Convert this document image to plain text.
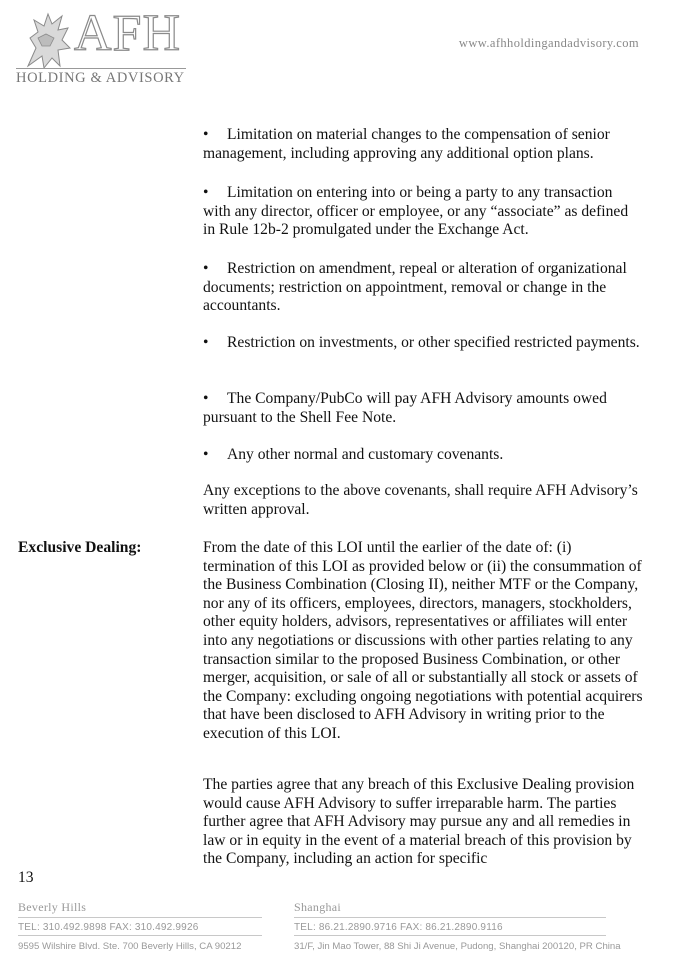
AFH
HOLDING & ADVISORY
www.afhholdingandadvisory.com
• Limitation on material changes to the compensation of senior management, including approving any additional option plans.
• Limitation on entering into or being a party to any transaction with any director, officer or employee, or any “associate” as defined in Rule 12b-2 promulgated under the Exchange Act.
• Restriction on amendment, repeal or alteration of organizational documents; restriction on appointment, removal or change in the accountants.
• Restriction on investments, or other specified restricted payments.
• The Company/PubCo will pay AFH Advisory amounts owed pursuant to the Shell Fee Note.
• Any other normal and customary covenants.
Any exceptions to the above covenants, shall require AFH Advisory’s written approval.
From the date of this LOI until the earlier of the date of: (i) termination of this LOI as provided below or (ii) the consummation of the Business Combination (Closing II), neither MTF or the Company, nor any of its officers, employees, directors, managers, stockholders, other equity holders, advisors, representatives or affiliates will enter into any negotiations or discussions with other parties relating to any transaction similar to the proposed Business Combination, or other merger, acquisition, or sale of all or substantially all stock or assets of the Company: excluding ongoing negotiations with potential acquirers that have been disclosed to AFH Advisory in writing prior to the execution of this LOI.
The parties agree that any breach of this Exclusive Dealing provision would cause AFH Advisory to suffer irreparable harm. The parties further agree that AFH Advisory may pursue any and all remedies in law or in equity in the event of a material breach of this provision by the Company, including an action for specific
Exclusive Dealing:
13
Beverly Hills
TEL: 310.492.9898 FAX: 310.492.9926
9595 Wilshire Blvd. Ste. 700 Beverly Hills, CA 90212
Shanghai
TEL: 86.21.2890.9716 FAX: 86.21.2890.9116
31/F, Jin Mao Tower, 88 Shi Ji Avenue, Pudong, Shanghai 200120, PR China
